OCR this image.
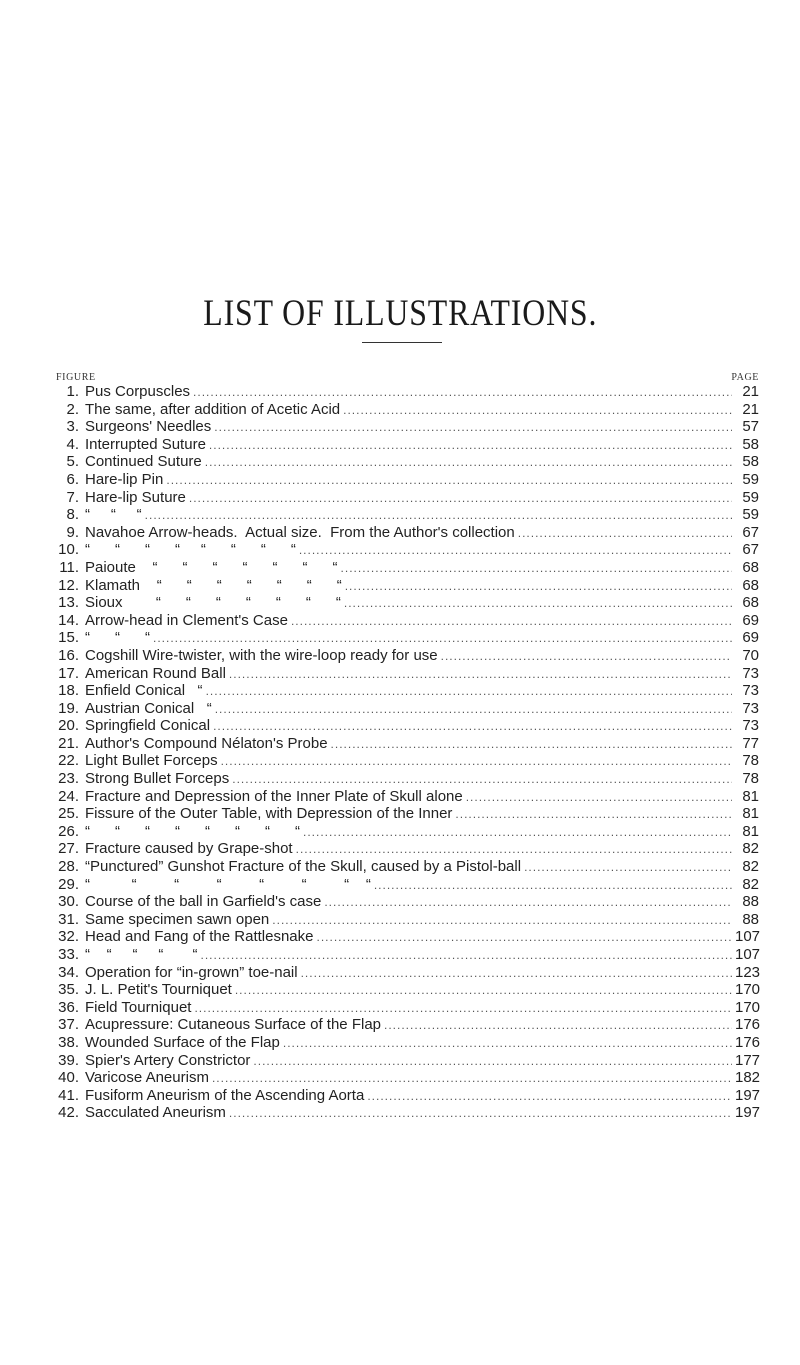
LIST OF ILLUSTRATIONS.
FIGURE	PAGE
1. Pus Corpuscles .....	21
2. The same, after addition of Acetic Acid .....	21
3. Surgeons' Needles .....	57
4. Interrupted Suture .....	58
5. Continued Suture .....	58
6. Hare-lip Pin .....	59
7. Hare-lip Suture .....	59
8. “     “     “ .....	59
9. Navahoe Arrow-heads.  Actual size.  From the Author's collection .....	67
10. “      “      “      “     “      “      “      “ .....	67
11. Paioute    “      “      “      “      “      “      “ .....	68
12. Klamath    “      “      “      “      “      “      “ .....	68
13. Sioux        “      “      “      “      “      “      “ .....	68
14. Arrow-head in Clement's Case .....	69
15. “      “      “ .....	69
16. Cogshill Wire-twister, with the wire-loop ready for use .....	70
17. American Round Ball .....	73
18. Enfield Conical   “ .....	73
19. Austrian Conical   “ .....	73
20. Springfield Conical .....	73
21. Author's Compound Nélaton's Probe .....	77
22. Light Bullet Forceps .....	78
23. Strong Bullet Forceps .....	78
24. Fracture and Depression of the Inner Plate of Skull alone .....	81
25. Fissure of the Outer Table, with Depression of the Inner .....	81
26. “      “      “      “      “      “      “      “ .....	81
27. Fracture caused by Grape-shot .....	82
28. “Punctured” Gunshot Fracture of the Skull, caused by a Pistol-ball .....	82
29. “          “         “         “         “         “         “    “ .....	82
30. Course of the ball in Garfield's case .....	88
31. Same specimen sawn open .....	88
32. Head and Fang of the Rattlesnake .....	107
33. “    “     “     “       “ .....	107
34. Operation for “in-grown” toe-nail .....	123
35. J. L. Petit's Tourniquet .....	170
36. Field Tourniquet .....	170
37. Acupressure: Cutaneous Surface of the Flap .....	176
38. Wounded Surface of the Flap .....	176
39. Spier's Artery Constrictor .....	177
40. Varicose Aneurism .....	182
41. Fusiform Aneurism of the Ascending Aorta .....	197
42. Sacculated Aneurism .....	197
